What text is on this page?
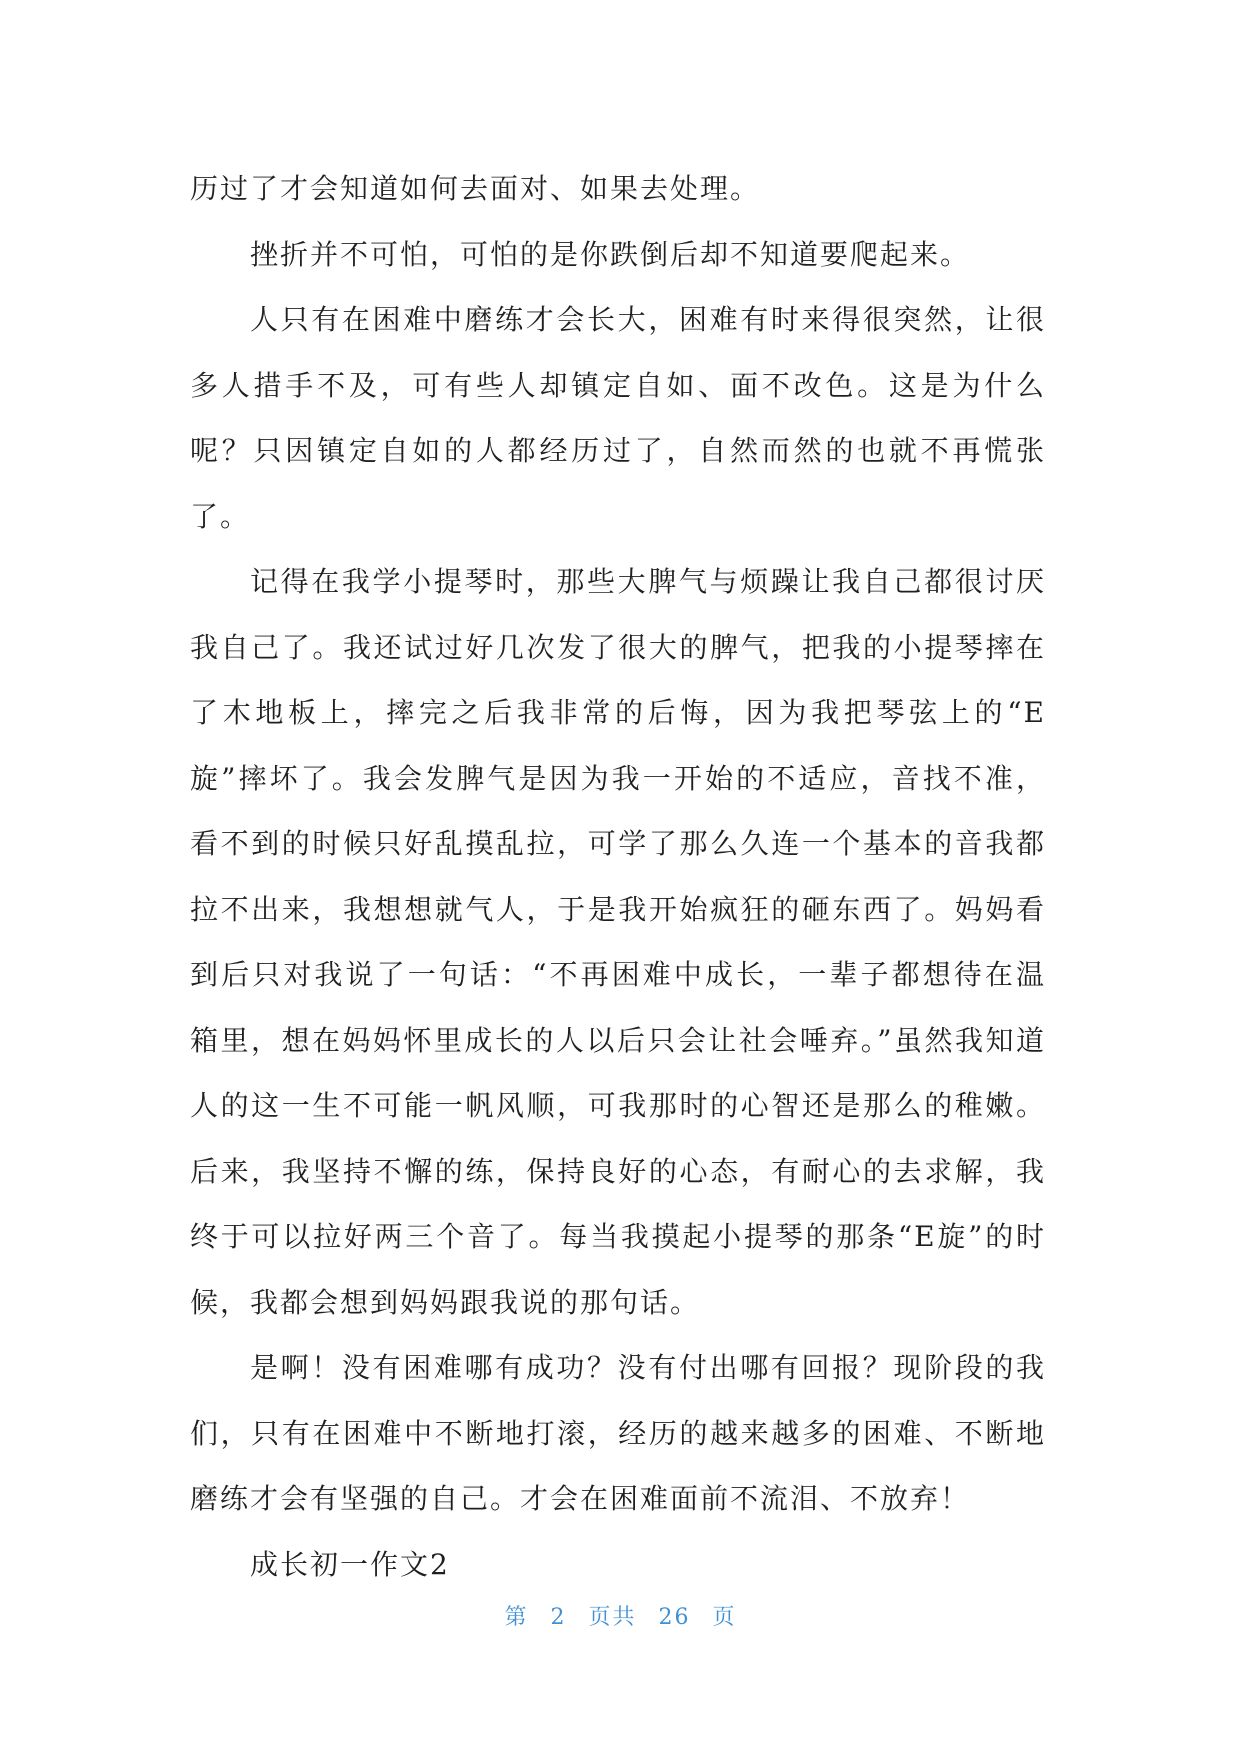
历过了才会知道如何去面对、如果去处理。

挫折并不可怕，可怕的是你跌倒后却不知道要爬起来。

人只有在困难中磨练才会长大，困难有时来得很突然，让很多人措手不及，可有些人却镇定自如、面不改色。这是为什么呢？只因镇定自如的人都经历过了，自然而然的也就不再慌张了。

记得在我学小提琴时，那些大脾气与烦躁让我自己都很讨厌我自己了。我还试过好几次发了很大的脾气，把我的小提琴摔在了木地板上，摔完之后我非常的后悔，因为我把琴弦上的“E旋”摔坏了。我会发脾气是因为我一开始的不适应，音找不准，看不到的时候只好乱摸乱拉，可学了那么久连一个基本的音我都拉不出来，我想想就气人，于是我开始疯狂的砸东西了。妈妈看到后只对我说了一句话：“不再困难中成长，一辈子都想待在温箱里，想在妈妈怀里成长的人以后只会让社会唾弃。”虽然我知道人的这一生不可能一帆风顺，可我那时的心智还是那么的稚嫩。后来，我坚持不懈的练，保持良好的心态，有耐心的去求解，我终于可以拉好两三个音了。每当我摸起小提琴的那条“E旋”的时候，我都会想到妈妈跟我说的那句话。

是啊！没有困难哪有成功？没有付出哪有回报？现阶段的我们，只有在困难中不断地打滚，经历的越来越多的困难、不断地磨练才会有坚强的自己。才会在困难面前不流泪、不放弃！

成长初一作文2

第 2 页共 26 页
